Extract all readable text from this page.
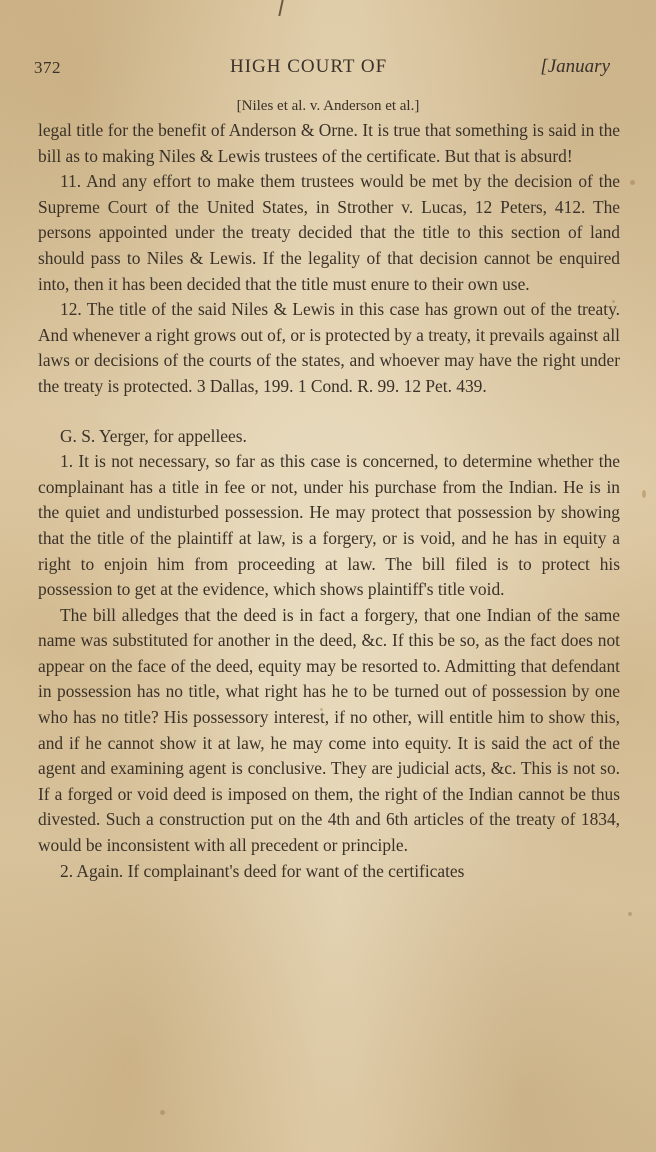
372	HIGH COURT OF	[January
[Niles et al. v. Anderson et al.]

legal title for the benefit of Anderson & Orne. It is true that something is said in the bill as to making Niles & Lewis trustees of the certificate. But that is absurd!

11. And any effort to make them trustees would be met by the decision of the Supreme Court of the United States, in Strother v. Lucas, 12 Peters, 412. The persons appointed under the treaty decided that the title to this section of land should pass to Niles & Lewis. If the legality of that decision cannot be enquired into, then it has been decided that the title must enure to their own use.

12. The title of the said Niles & Lewis in this case has grown out of the treaty. And whenever a right grows out of, or is protected by a treaty, it prevails against all laws or decisions of the courts of the states, and whoever may have the right under the treaty is protected. 3 Dallas, 199. 1 Cond. R. 99. 12 Pet. 439.

G. S. Yerger, for appellees.

1. It is not necessary, so far as this case is concerned, to determine whether the complainant has a title in fee or not, under his purchase from the Indian. He is in the quiet and undisturbed possession. He may protect that possession by showing that the title of the plaintiff at law, is a forgery, or is void, and he has in equity a right to enjoin him from proceeding at law. The bill filed is to protect his possession to get at the evidence, which shows plaintiff's title void.

The bill alledges that the deed is in fact a forgery, that one Indian of the same name was substituted for another in the deed, &c. If this be so, as the fact does not appear on the face of the deed, equity may be resorted to. Admitting that defendant in possession has no title, what right has he to be turned out of possession by one who has no title? His possessory interest, if no other, will entitle him to show this, and if he cannot show it at law, he may come into equity. It is said the act of the agent and examining agent is conclusive. They are judicial acts, &c. This is not so. If a forged or void deed is imposed on them, the right of the Indian cannot be thus divested. Such a construction put on the 4th and 6th articles of the treaty of 1834, would be inconsistent with all precedent or principle.

2. Again. If complainant's deed for want of the certificates
